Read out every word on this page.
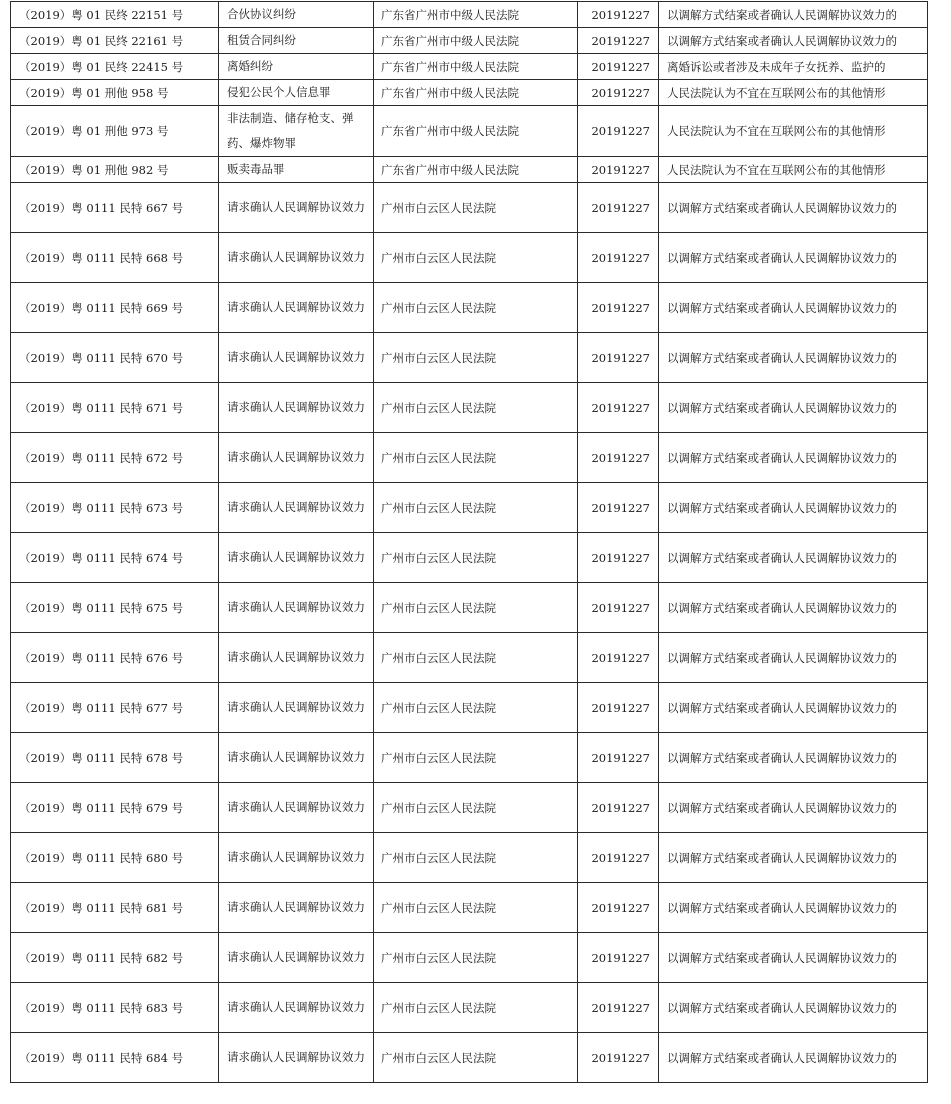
（2019）粤 01 民终 22151 号	合伙协议纠纷	广东省广州市中级人民法院	20191227	以调解方式结案或者确认人民调解协议效力的
（2019）粤 01 民终 22161 号	租赁合同纠纷	广东省广州市中级人民法院	20191227	以调解方式结案或者确认人民调解协议效力的
（2019）粤 01 民终 22415 号	离婚纠纷	广东省广州市中级人民法院	20191227	离婚诉讼或者涉及未成年子女抚养、监护的
（2019）粤 01 刑他 958 号	侵犯公民个人信息罪	广东省广州市中级人民法院	20191227	人民法院认为不宜在互联网公布的其他情形
（2019）粤 01 刑他 973 号	非法制造、储存枪支、弹药、爆炸物罪	广东省广州市中级人民法院	20191227	人民法院认为不宜在互联网公布的其他情形
（2019）粤 01 刑他 982 号	贩卖毒品罪	广东省广州市中级人民法院	20191227	人民法院认为不宜在互联网公布的其他情形
（2019）粤 0111 民特 667 号	请求确认人民调解协议效力	广州市白云区人民法院	20191227	以调解方式结案或者确认人民调解协议效力的
（2019）粤 0111 民特 668 号	请求确认人民调解协议效力	广州市白云区人民法院	20191227	以调解方式结案或者确认人民调解协议效力的
（2019）粤 0111 民特 669 号	请求确认人民调解协议效力	广州市白云区人民法院	20191227	以调解方式结案或者确认人民调解协议效力的
（2019）粤 0111 民特 670 号	请求确认人民调解协议效力	广州市白云区人民法院	20191227	以调解方式结案或者确认人民调解协议效力的
（2019）粤 0111 民特 671 号	请求确认人民调解协议效力	广州市白云区人民法院	20191227	以调解方式结案或者确认人民调解协议效力的
（2019）粤 0111 民特 672 号	请求确认人民调解协议效力	广州市白云区人民法院	20191227	以调解方式结案或者确认人民调解协议效力的
（2019）粤 0111 民特 673 号	请求确认人民调解协议效力	广州市白云区人民法院	20191227	以调解方式结案或者确认人民调解协议效力的
（2019）粤 0111 民特 674 号	请求确认人民调解协议效力	广州市白云区人民法院	20191227	以调解方式结案或者确认人民调解协议效力的
（2019）粤 0111 民特 675 号	请求确认人民调解协议效力	广州市白云区人民法院	20191227	以调解方式结案或者确认人民调解协议效力的
（2019）粤 0111 民特 676 号	请求确认人民调解协议效力	广州市白云区人民法院	20191227	以调解方式结案或者确认人民调解协议效力的
（2019）粤 0111 民特 677 号	请求确认人民调解协议效力	广州市白云区人民法院	20191227	以调解方式结案或者确认人民调解协议效力的
（2019）粤 0111 民特 678 号	请求确认人民调解协议效力	广州市白云区人民法院	20191227	以调解方式结案或者确认人民调解协议效力的
（2019）粤 0111 民特 679 号	请求确认人民调解协议效力	广州市白云区人民法院	20191227	以调解方式结案或者确认人民调解协议效力的
（2019）粤 0111 民特 680 号	请求确认人民调解协议效力	广州市白云区人民法院	20191227	以调解方式结案或者确认人民调解协议效力的
（2019）粤 0111 民特 681 号	请求确认人民调解协议效力	广州市白云区人民法院	20191227	以调解方式结案或者确认人民调解协议效力的
（2019）粤 0111 民特 682 号	请求确认人民调解协议效力	广州市白云区人民法院	20191227	以调解方式结案或者确认人民调解协议效力的
（2019）粤 0111 民特 683 号	请求确认人民调解协议效力	广州市白云区人民法院	20191227	以调解方式结案或者确认人民调解协议效力的
（2019）粤 0111 民特 684 号	请求确认人民调解协议效力	广州市白云区人民法院	20191227	以调解方式结案或者确认人民调解协议效力的
